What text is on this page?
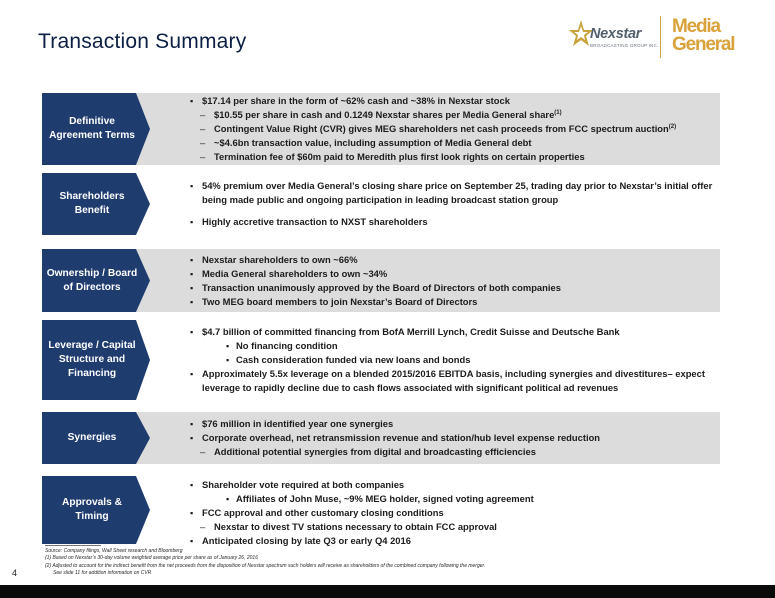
Transaction Summary	Nexstar
BROADCASTING GROUP INC.
Media
General
Definitive Agreement Terms
▪ $17.14 per share in the form of ~62% cash and ~38% in Nexstar stock
– $10.55 per share in cash and 0.1249 Nexstar shares per Media General share$^{(1)}$
– Contingent Value Right (CVR) gives MEG shareholders net cash proceeds from FCC spectrum auction$^{(2)}$
– ~$4.6bn transaction value, including assumption of Media General debt
– Termination fee of $60m paid to Meredith plus first look rights on certain properties
Shareholders Benefit
▪ 54% premium over Media General’s closing share price on September 25, trading day prior to Nexstar’s initial offer being made public and ongoing participation in leading broadcast station group
▪ Highly accretive transaction to NXST shareholders
Ownership / Board of Directors
▪ Nexstar shareholders to own ~66%
▪ Media General shareholders to own ~34%
▪ Transaction unanimously approved by the Board of Directors of both companies
▪ Two MEG board members to join Nexstar’s Board of Directors
Leverage / Capital Structure and Financing
▪ $4.7 billion of committed financing from BofA Merrill Lynch, Credit Suisse and Deutsche Bank
▪ No financing condition
▪ Cash consideration funded via new loans and bonds
▪ Approximately 5.5x leverage on a blended 2015/2016 EBITDA basis, including synergies and divestitures– expect leverage to rapidly decline due to cash flows associated with significant political ad revenues
Synergies
▪ $76 million in identified year one synergies
▪ Corporate overhead, net retransmission revenue and station/hub level expense reduction
– Additional potential synergies from digital and broadcasting efficiencies
Approvals & Timing
▪ Shareholder vote required at both companies
▪ Affiliates of John Muse, ~9% MEG holder, signed voting agreement
▪ FCC approval and other customary closing conditions
– Nexstar to divest TV stations necessary to obtain FCC approval
▪ Anticipated closing by late Q3 or early Q4 2016
Source: Company filings, Wall Street research and Bloomberg
(1) Based on Nexstar’s 30-day volume weighted average price per share as of January 26, 2016
(2) Adjusted to account for the indirect benefit from the net proceeds from the disposition of Nexstar spectrum such holders will receive as shareholders of the combined company following the merger.
See slide 11 for addition information on CVR
4
